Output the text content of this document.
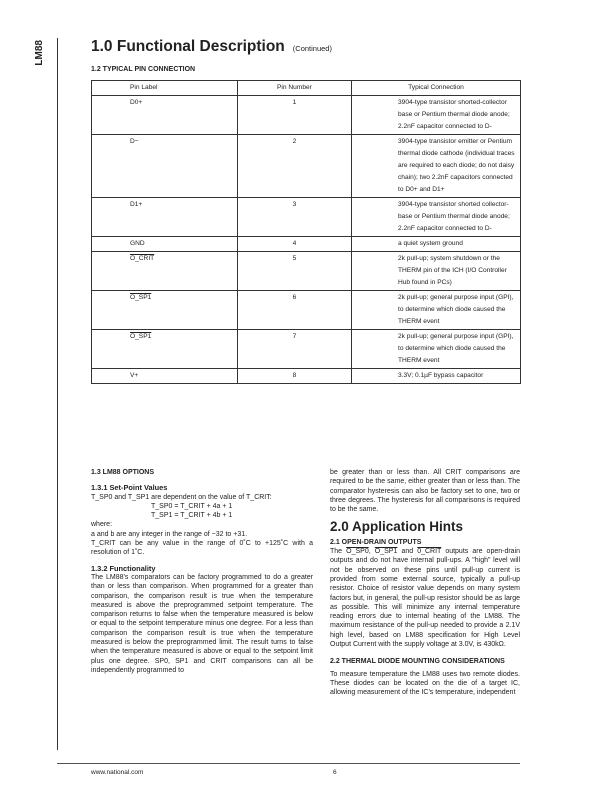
LM88	1.0 Functional Description (Continued)
1.2 TYPICAL PIN CONNECTION
Pin Label	Pin Number	Typical Connection
D0+	1	3904-type transistor shorted-collector base or Pentium thermal diode anode; 2.2nF capacitor connected to D-

D−	2	3904-type transistor emitter or Pentium thermal diode cathode (individual traces are required to each diode; do not daisy chain); two 2.2nF capacitors connected to D0+ and D1+

D1+	3	3904-type transistor shorted collector-base or Pentium thermal diode anode; 2.2nF capacitor connected to D-

GND	4	a quiet system ground

O_CRIT	5	2k pull-up; system shutdown or the THERM pin of the ICH (I/O Controller Hub found in PCs)

O_SP1	6	2k pull-up; general purpose input (GPI), to determine which diode caused the THERM event

O_SP1	7	2k pull-up; general purpose input (GPI), to determine which diode caused the THERM event

V+	8	3.3V; 0.1µF bypass capacitor

1.3 LM88 OPTIONS

1.3.1 Set-Point Values

T_SP0 and T_SP1 are dependent on the value of T_CRIT:

T_SP0 = T_CRIT + 4a + 1

T_SP1 = T_CRIT + 4b + 1

where:

a and b are any integer in the range of −32 to +31.

T_CRIT can be any value in the range of 0˚C to +125˚C with a resolution of 1˚C.

1.3.2 Functionality

The LM88's comparators can be factory programmed to do a greater than or less than comparison. When programmed for a greater than comparison, the comparison result is true when the temperature measured is above the preprogrammed setpoint temperature. The comparison returns to false when the temperature measured is below or equal to the setpoint temperature minus one degree. For a less than comparison the comparison result is true when the temperature measured is below the preprogrammed limit. The result turns to false when the temperature measured is above or equal to the setpoint limit plus one degree. SP0, SP1 and CRIT comparisons can all be independently programmed to

be greater than or less than. All CRIT comparisons are required to be the same, either greater than or less than. The comparator hysteresis can also be factory set to one, two or three degrees. The hysteresis for all comparisons is required to be the same.

2.0 Application Hints

2.1 OPEN-DRAIN OUTPUTS

The O_SP0, O_SP1 and 0_CRIT outputs are open-drain outputs and do not have internal pull-ups. A "high" level will not be observed on these pins until pull-up current is provided from some external source, typically a pull-up resistor. Choice of resistor value depends on many system factors but, in general, the pull-up resistor should be as large as possible. This will minimize any internal temperature reading errors due to internal heating of the LM88. The maximum resistance of the pull-up needed to provide a 2.1V high level, based on LM88 specification for High Level Output Current with the supply voltage at 3.0V, is 430kΩ.

2.2 THERMAL DIODE MOUNTING CONSIDERATIONS

To measure temperature the LM88 uses two remote diodes. These diodes can be located on the die of a target IC, allowing measurement of the IC's temperature, independent

www.national.com	6
